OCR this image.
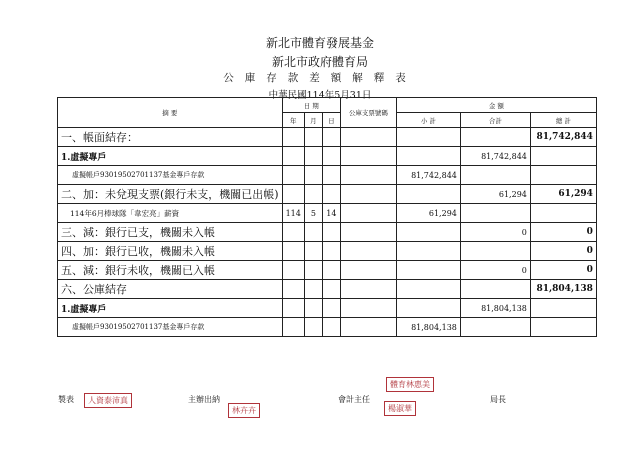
新北市體育發展基金
新北市政府體育局
公庫存款差額解釋表
中華民國114年5月31日
摘 要	日 期			公庫支票號碼	金 額		
	年	月	日		小 計	合計	總 計
一、帳面結存：							81,742,844
1.虛擬專戶						81,742,844	
虛擬帳戶93019502701137基金專戶存款					81,742,844		
二、加：未兌現支票(銀行未支，機關已出帳)						61,294	61,294
114年6月棒球隊「韋宏亮」薪資	114	5	14		61,294		
三、減：銀行已支，機關未入帳						0	0
四、加：銀行已收，機關未入帳							0
五、減：銀行未收，機關已入帳						0	0
六、公庫結存							81,804,138
1.虛擬專戶						81,804,138	
虛擬帳戶93019502701137基金專戶存款					81,804,138		
製表	人資泰沛真	主辦出納
林卉卉
會計主任
體育林惠美
楊淑華
局長
